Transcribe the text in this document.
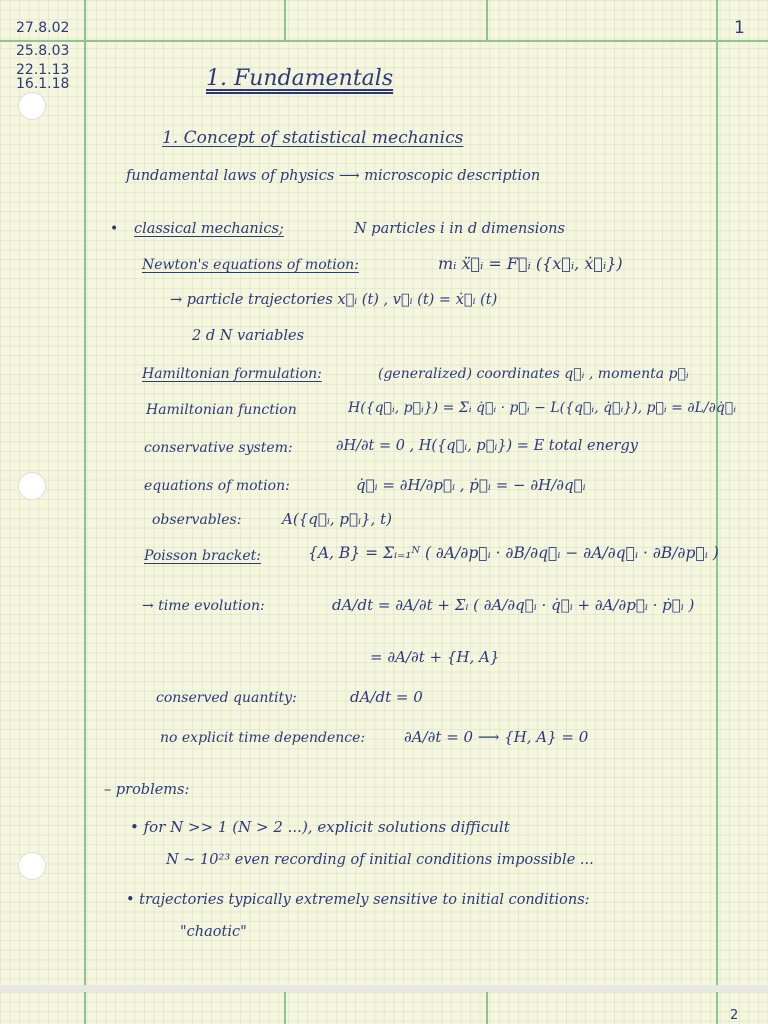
27.8.02
25.8.03
22.1.13
16.1.18
1
2
1. Fundamentals
1. Concept of statistical mechanics
fundamental laws of physics ⟶ microscopic description
• classical mechanics;	N particles i in d dimensions
Newton's equations of motion:	mᵢ ẍ⃗ᵢ = F⃗ᵢ ({x⃗ᵢ, ẋ⃗ᵢ})
→ particle trajectories x⃗ᵢ (t) , v⃗ᵢ (t) = ẋ⃗ᵢ (t)
2 d N variables
Hamiltonian formulation:	(generalized) coordinates q⃗ᵢ , momenta p⃗ᵢ
Hamiltonian function	H({q⃗ᵢ, p⃗ᵢ}) = Σᵢ q̇⃗ᵢ · p⃗ᵢ − L({q⃗ᵢ, q̇⃗ᵢ}), p⃗ᵢ = ∂L/∂q̇⃗ᵢ
conservative system:	∂H/∂t = 0 , H({q⃗ᵢ, p⃗ᵢ}) = E total energy
equations of motion:	q̇⃗ᵢ = ∂H/∂p⃗ᵢ , ṗ⃗ᵢ = − ∂H/∂q⃗ᵢ
observables:	A({q⃗ᵢ, p⃗ᵢ}, t)
Poisson bracket:	{A, B} = Σᵢ₌₁ᴺ ( ∂A/∂p⃗ᵢ · ∂B/∂q⃗ᵢ − ∂A/∂q⃗ᵢ · ∂B/∂p⃗ᵢ )
→ time evolution:	dA/dt = ∂A/∂t + Σᵢ ( ∂A/∂q⃗ᵢ · q̇⃗ᵢ + ∂A/∂p⃗ᵢ · ṗ⃗ᵢ )
= ∂A/∂t + {H, A}
conserved quantity:	dA/dt = 0
no explicit time dependence:	∂A/∂t = 0 ⟶ {H, A} = 0
– problems:
• for N >> 1 (N > 2 ...), explicit solutions difficult
N ~ 10²³ even recording of initial conditions impossible ...
• trajectories typically extremely sensitive to initial conditions:
"chaotic"
